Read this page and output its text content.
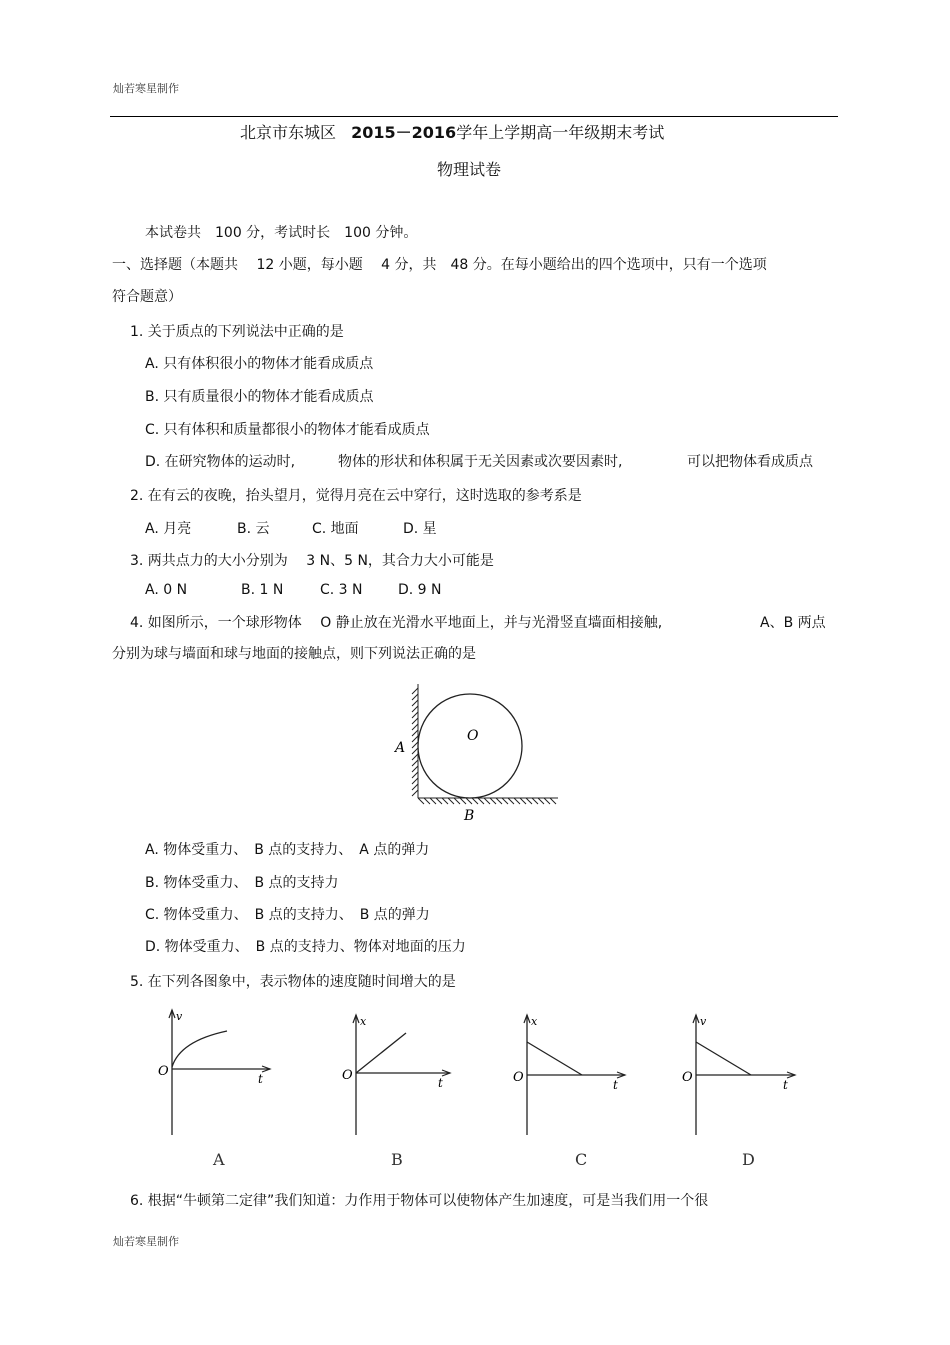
灿若寒星制作
北京市东城区 2015－2016学年上学期高一年级期末考试
物理试卷
本试卷共　100 分，考试时长　100 分钟。
一、选择题（本题共　 12 小题，每小题　 4 分，共　48 分。在每小题给出的四个选项中，只有一个选项
符合题意）
1. 关于质点的下列说法中正确的是
A. 只有体积很小的物体才能看成质点
B. 只有质量很小的物体才能看成质点
C. 只有体积和质量都很小的物体才能看成质点
D. 在研究物体的运动时,	物体的形状和体积属于无关因素或次要因素时,	可以把物体看成质点
2. 在有云的夜晚，抬头望月，觉得月亮在云中穿行，这时选取的参考系是
A. 月亮	B. 云	C. 地面	D. 星
3. 两共点力的大小分别为　 3 N、5 N，其合力大小可能是
A. 0 N	B. 1 N	C. 3 N	D. 9 N
4. 如图所示，一个球形物体　 O 静止放在光滑水平地面上，并与光滑竖直墙面相接触,	A、B 两点
分别为球与墙面和球与地面的接触点，则下列说法正确的是
A
O
B
A. 物体受重力、　B 点的支持力、　A 点的弹力
B. 物体受重力、　B 点的支持力
C. 物体受重力、　B 点的支持力、　B 点的弹力
D. 物体受重力、　B 点的支持力、物体对地面的压力
5. 在下列各图象中，表示物体的速度随时间增大的是
v
t
O
A
x
t
O
B
x
t
O
C
v
t
O
D
6. 根据“牛顿第二定律”我们知道：力作用于物体可以使物体产生加速度，可是当我们用一个很
灿若寒星制作
